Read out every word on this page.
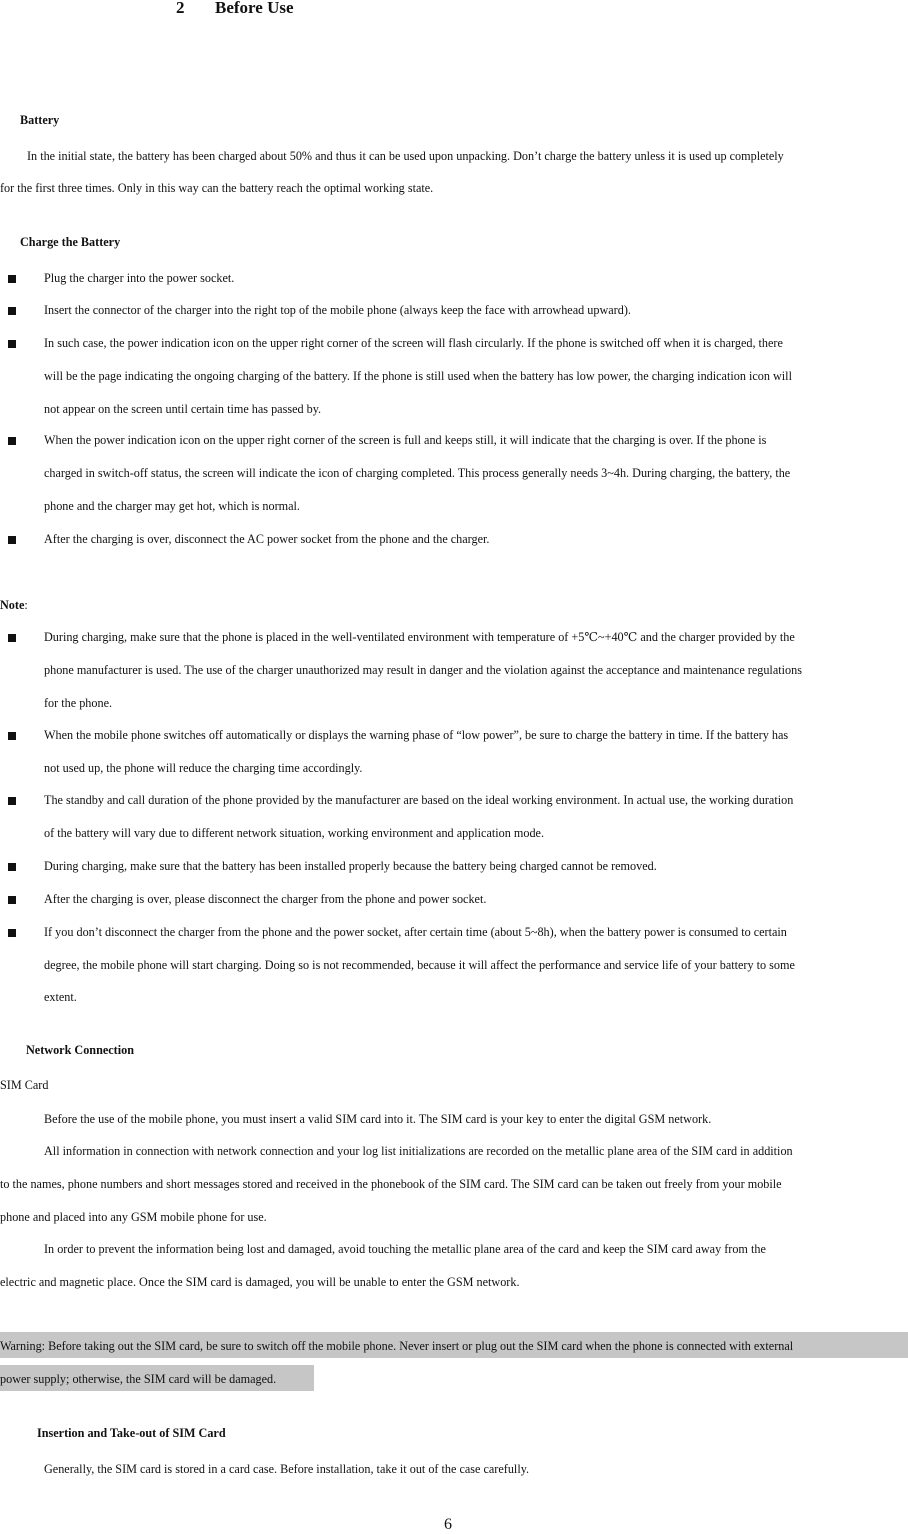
2 Before Use
Battery
In the initial state, the battery has been charged about 50% and thus it can be used upon unpacking. Don’t charge the battery unless it is used up completely
for the first three times. Only in this way can the battery reach the optimal working state.
Charge the Battery
Plug the charger into the power socket.
Insert the connector of the charger into the right top of the mobile phone (always keep the face with arrowhead upward).
In such case, the power indication icon on the upper right corner of the screen will flash circularly. If the phone is switched off when it is charged, there
will be the page indicating the ongoing charging of the battery. If the phone is still used when the battery has low power, the charging indication icon will
not appear on the screen until certain time has passed by.
When the power indication icon on the upper right corner of the screen is full and keeps still, it will indicate that the charging is over. If the phone is
charged in switch-off status, the screen will indicate the icon of charging completed. This process generally needs 3~4h. During charging, the battery, the
phone and the charger may get hot, which is normal.
After the charging is over, disconnect the AC power socket from the phone and the charger.
Note:
During charging, make sure that the phone is placed in the well-ventilated environment with temperature of +5℃~+40℃ and the charger provided by the
phone manufacturer is used. The use of the charger unauthorized may result in danger and the violation against the acceptance and maintenance regulations
for the phone.
When the mobile phone switches off automatically or displays the warning phase of “low power”, be sure to charge the battery in time. If the battery has
not used up, the phone will reduce the charging time accordingly.
The standby and call duration of the phone provided by the manufacturer are based on the ideal working environment. In actual use, the working duration
of the battery will vary due to different network situation, working environment and application mode.
During charging, make sure that the battery has been installed properly because the battery being charged cannot be removed.
After the charging is over, please disconnect the charger from the phone and power socket.
If you don’t disconnect the charger from the phone and the power socket, after certain time (about 5~8h), when the battery power is consumed to certain
degree, the mobile phone will start charging. Doing so is not recommended, because it will affect the performance and service life of your battery to some
extent.
Network Connection
SIM Card
Before the use of the mobile phone, you must insert a valid SIM card into it. The SIM card is your key to enter the digital GSM network.
All information in connection with network connection and your log list initializations are recorded on the metallic plane area of the SIM card in addition
to the names, phone numbers and short messages stored and received in the phonebook of the SIM card. The SIM card can be taken out freely from your mobile
phone and placed into any GSM mobile phone for use.
In order to prevent the information being lost and damaged, avoid touching the metallic plane area of the card and keep the SIM card away from the
electric and magnetic place. Once the SIM card is damaged, you will be unable to enter the GSM network.
Warning: Before taking out the SIM card, be sure to switch off the mobile phone. Never insert or plug out the SIM card when the phone is connected with external
power supply; otherwise, the SIM card will be damaged.
Insertion and Take-out of SIM Card
Generally, the SIM card is stored in a card case. Before installation, take it out of the case carefully.
6
